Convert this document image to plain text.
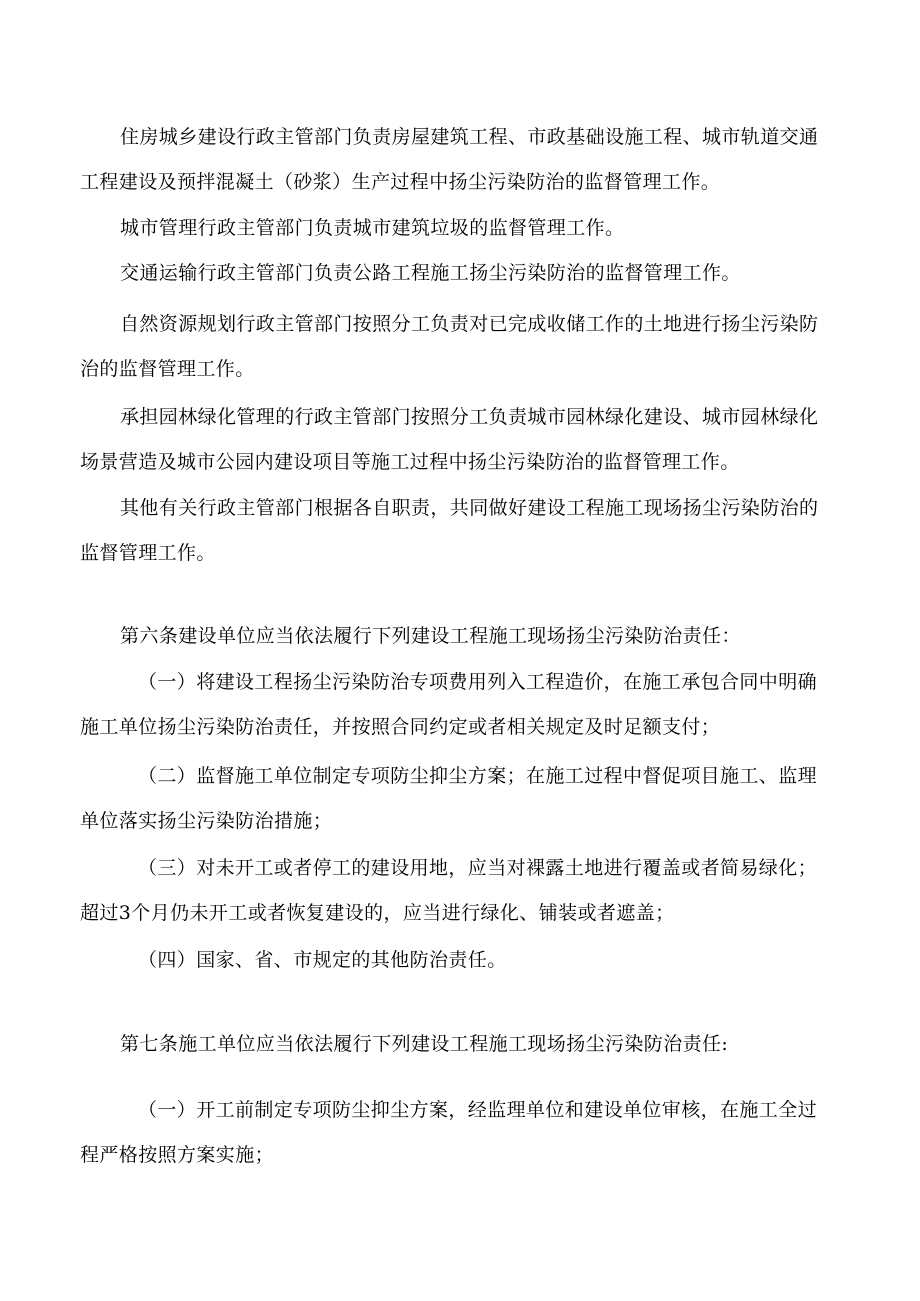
住房城乡建设行政主管部门负责房屋建筑工程、市政基础设施工程、城市轨道交通工程建设及预拌混凝土（砂浆）生产过程中扬尘污染防治的监督管理工作。

城市管理行政主管部门负责城市建筑垃圾的监督管理工作。

交通运输行政主管部门负责公路工程施工扬尘污染防治的监督管理工作。

自然资源规划行政主管部门按照分工负责对已完成收储工作的土地进行扬尘污染防治的监督管理工作。

承担园林绿化管理的行政主管部门按照分工负责城市园林绿化建设、城市园林绿化场景营造及城市公园内建设项目等施工过程中扬尘污染防治的监督管理工作。

其他有关行政主管部门根据各自职责，共同做好建设工程施工现场扬尘污染防治的监督管理工作。

第六条建设单位应当依法履行下列建设工程施工现场扬尘污染防治责任：

（一）将建设工程扬尘污染防治专项费用列入工程造价，在施工承包合同中明确施工单位扬尘污染防治责任，并按照合同约定或者相关规定及时足额支付；

（二）监督施工单位制定专项防尘抑尘方案；在施工过程中督促项目施工、监理单位落实扬尘污染防治措施；

（三）对未开工或者停工的建设用地，应当对裸露土地进行覆盖或者简易绿化；超过3个月仍未开工或者恢复建设的，应当进行绿化、铺装或者遮盖；

（四）国家、省、市规定的其他防治责任。

第七条施工单位应当依法履行下列建设工程施工现场扬尘污染防治责任:

（一）开工前制定专项防尘抑尘方案，经监理单位和建设单位审核，在施工全过程严格按照方案实施；
